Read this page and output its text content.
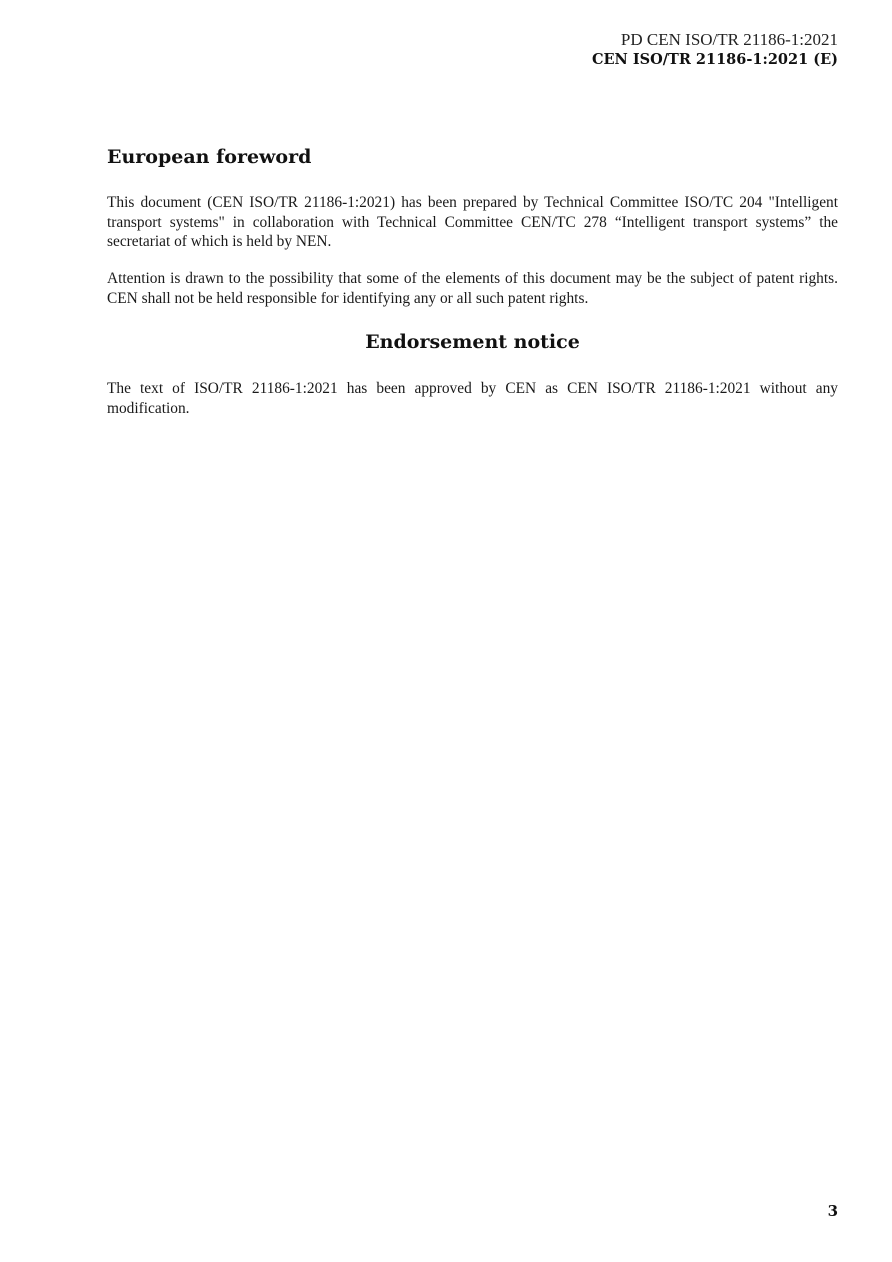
PD CEN ISO/TR 21186-1:2021
CEN ISO/TR 21186-1:2021 (E)
European foreword

This document (CEN ISO/TR 21186-1:2021) has been prepared by Technical Committee ISO/TC 204 "Intelligent transport systems" in collaboration with Technical Committee CEN/TC 278 “Intelligent transport systems” the secretariat of which is held by NEN.

Attention is drawn to the possibility that some of the elements of this document may be the subject of patent rights. CEN shall not be held responsible for identifying any or all such patent rights.

Endorsement notice

The text of ISO/TR 21186-1:2021 has been approved by CEN as CEN ISO/TR 21186-1:2021 without any modification.

3
